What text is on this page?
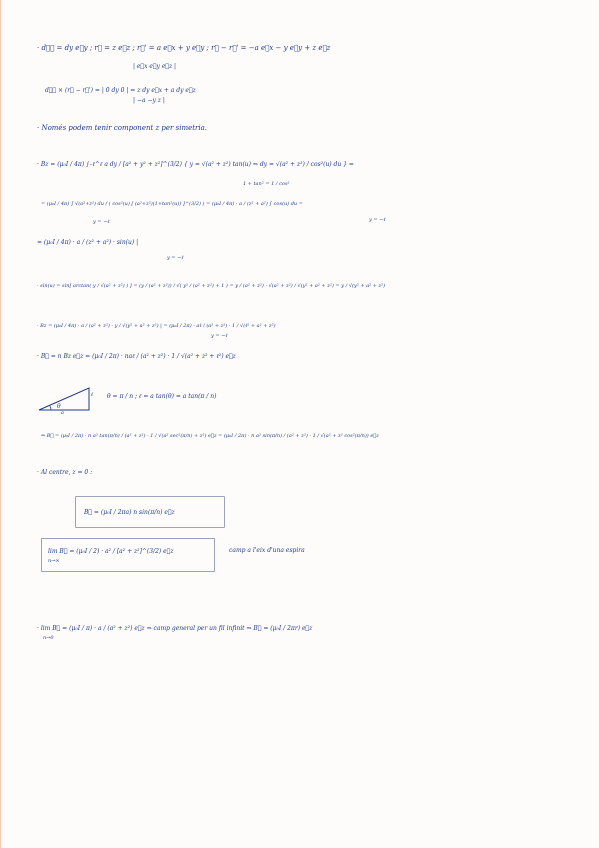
· dℓ⃗ = dy e⃗y ; r⃗ = z e⃗z ; r⃗' = a e⃗x + y e⃗y ; r⃗ − r⃗' = −a e⃗x − y e⃗y + z e⃗z
| e⃗x e⃗y e⃗z |
dℓ⃗ × (r⃗ − r⃗') = | 0 dy 0 | = z dy e⃗x + a dy e⃗z
| −a −y z |
· Només podem tenir component z per simetria.
· Bz = (μ₀I / 4π) ∫₋ℓ^ℓ a dy / [a² + y² + z²]^(3/2) { y = √(a² + z²) tan(u) ⇒ dy = √(a² + z²) / cos²(u) du } =
1 + tan² = 1 / cos²
= (μ₀I / 4π) ∫ √(a²+z²) du / ( cos²(u) [ (a²+z²)(1+tan²(u)) ]^(3/2) ) = (μ₀I / 4π) · a / (z² + a²) ∫ cos(u) du =
y = −ℓ	y = −ℓ
= (μ₀I / 4π) · a / (z² + a²) · sin(u) |
y = −ℓ
· sin(u) = sin[ arctan( y / √(a² + z²) ) ] = (y / (a² + z²)) / √( y² / (a² + z²) + 1 ) = y / (a² + z²) · √(a² + z²) / √(y² + a² + z²) = y / √(y² + a² + z²)
· Bz = (μ₀I / 4π) · a / (a² + z²) · y / √(y² + a² + z²) | = (μ₀I / 2π) · aℓ / (a² + z²) · 1 / √(ℓ² + a² + z²)
y = −ℓ
· B⃗ = n Bz e⃗z = (μ₀I / 2π) · naℓ / (a² + z²) · 1 / √(a² + z² + ℓ²) e⃗z
θ
a
ℓ θ = π / n ; ℓ = a tan(θ) = a tan(π / n)
⇒ B⃗ = (μ₀I / 2π) · n a² tan(π/n) / (a² + z²) · 1 / √(a² sec²(π/n) + z²) e⃗z = (μ₀I / 2π) · n a² sin(π/n) / (a² + z²) · 1 / √(a² + z² cos²(π/n)) e⃗z
· Al centre, z = 0 :
B⃗ = (μ₀I / 2πa) n sin(π/n) e⃗z
lim B⃗ = (μ₀I / 2) · a² / [a² + z²]^(3/2) e⃗z
n→∞
camp a l'eix d'una espira
· lim B⃗ = (μ₀I / π) · a / (a² + z²) e⃗z ⇒ camp general per un fil infinit ⇒ B⃗ = (μ₀I / 2πr) e⃗z
n→0
